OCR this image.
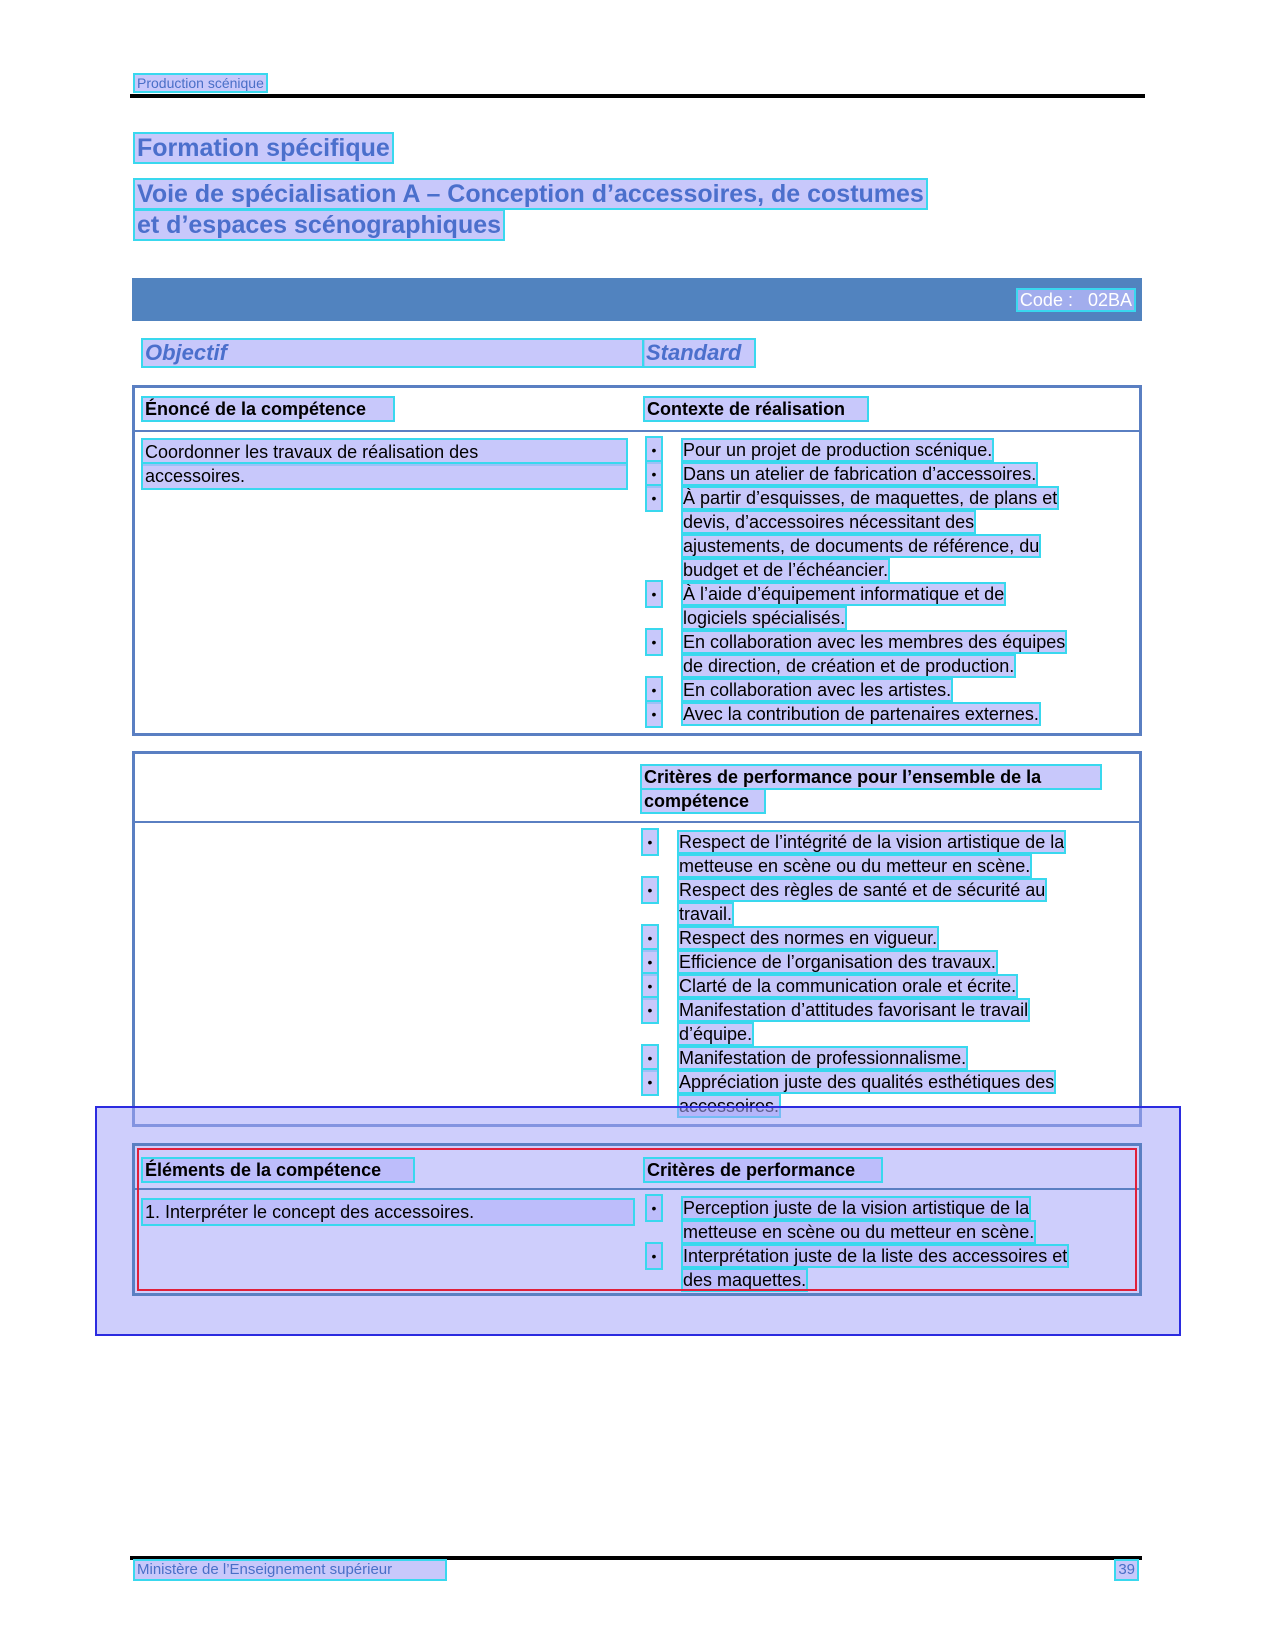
Production scénique
Formation spécifique
Voie de spécialisation A – Conception d’accessoires, de costumes
et d’espaces scénographiques
Code :   02BA
Objectif	Standard
Énoncé de la compétence	Contexte de réalisation
Coordonner les travaux de réalisation des
accessoires.
• Pour un projet de production scénique.
• Dans un atelier de fabrication d’accessoires.
• À partir d’esquisses, de maquettes, de plans et
devis, d’accessoires nécessitant des
ajustements, de documents de référence, du
budget et de l’échéancier.
• À l’aide d’équipement informatique et de
logiciels spécialisés.
• En collaboration avec les membres des équipes
de direction, de création et de production.
• En collaboration avec les artistes.
• Avec la contribution de partenaires externes.
Critères de performance pour l’ensemble de la
compétence
• Respect de l’intégrité de la vision artistique de la
metteuse en scène ou du metteur en scène.
• Respect des règles de santé et de sécurité au
travail.
• Respect des normes en vigueur.
• Efficience de l’organisation des travaux.
• Clarté de la communication orale et écrite.
• Manifestation d’attitudes favorisant le travail
d’équipe.
• Manifestation de professionnalisme.
• Appréciation juste des qualités esthétiques des

Éléments de la compétence	Critères de performance
1. Interpréter le concept des accessoires.	• Perception juste de la vision artistique de la
metteuse en scène ou du metteur en scène.
• Interprétation juste de la liste des accessoires et
des maquettes.
Ministère de l’Enseignement supérieur	39
